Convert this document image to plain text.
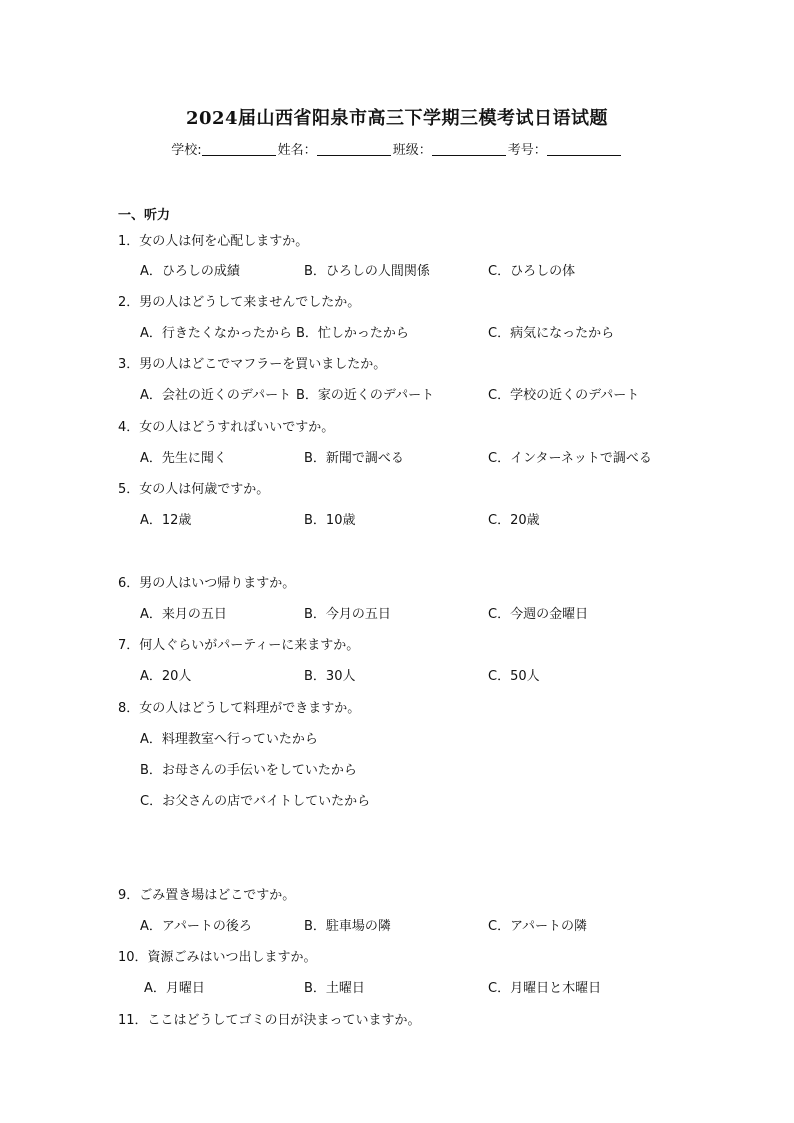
2024届山西省阳泉市高三下学期三模考试日语试题
学校:	姓名：	班级：	考号：
一、听力
1．女の人は何を心配しますか。
A．ひろしの成績	B．ひろしの人間関係	C．ひろしの体
2．男の人はどうして来ませんでしたか。
A．行きたくなかったから B．忙しかったから	C．病気になったから
3．男の人はどこでマフラーを買いましたか。
A．会社の近くのデパート B．家の近くのデパート	C．学校の近くのデパート
4．女の人はどうすればいいですか。
A．先生に聞く	B．新聞で調べる	C．インターネットで調べる
5．女の人は何歳ですか。
A．12歳	B．10歳	C．20歳
6．男の人はいつ帰りますか。
A．来月の五日	B．今月の五日	C．今週の金曜日
7．何人ぐらいがパーティーに来ますか。
A．20人	B．30人	C．50人
8．女の人はどうして料理ができますか。
A．料理教室へ行っていたから
B．お母さんの手伝いをしていたから
C．お父さんの店でバイトしていたから
9．ごみ置き場はどこですか。
A．アパートの後ろ	B．駐車場の隣	C．アパートの隣
10．資源ごみはいつ出しますか。
A．月曜日	B．土曜日	C．月曜日と木曜日
11．ここはどうしてゴミの日が決まっていますか。
